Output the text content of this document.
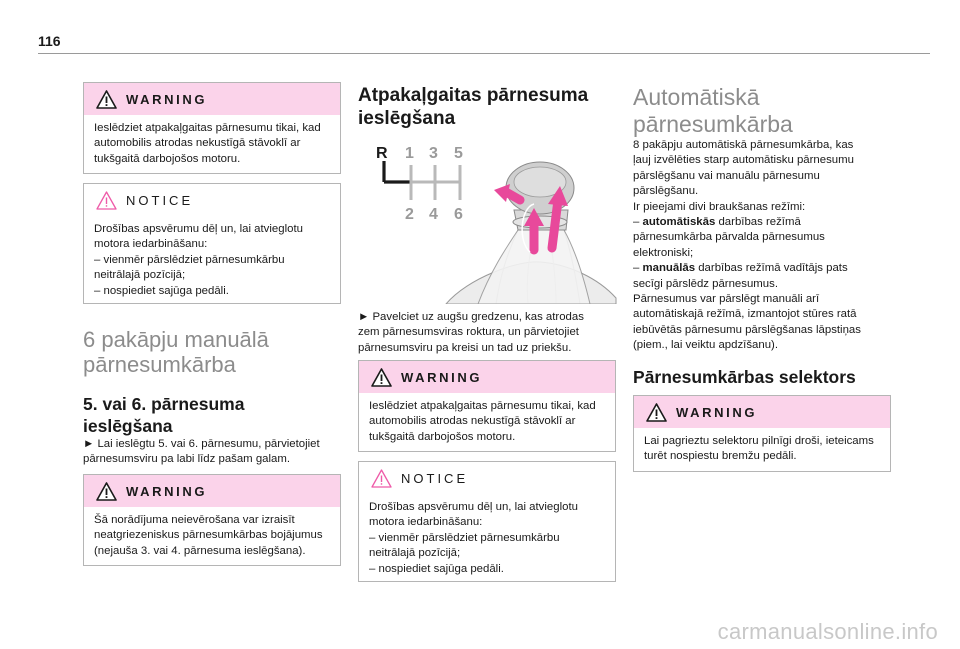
116
WARNING
Ieslēdziet atpakaļgaitas pārnesumu tikai, kad
automobilis atrodas nekustīgā stāvoklī ar
tukšgaitā darbojošos motoru.
NOTICE
Drošības apsvērumu dēļ un, lai atvieglotu
motora iedarbināšanu:
– vienmēr pārslēdziet pārnesumkārbu
neitrālajā pozīcijā;
– nospiediet sajūga pedāli.
6 pakāpju manuālā
pārnesumkārba
5. vai 6. pārnesuma
ieslēgšana
► Lai ieslēgtu 5. vai 6. pārnesumu, pārvietojiet
pārnesumsviru pa labi līdz pašam galam.
WARNING
Šā norādījuma neievērošana var izraisīt
neatgriezeniskus pārnesumkārbas bojājumus
(nejauša 3. vai 4. pārnesuma ieslēgšana).
Atpakaļgaitas pārnesuma
ieslēgšana
R 1 3 5
2 4 6
► Pavelciet uz augšu gredzenu, kas atrodas
zem pārnesumsviras roktura, un pārvietojiet
pārnesumsviru pa kreisi un tad uz priekšu.
WARNING
Ieslēdziet atpakaļgaitas pārnesumu tikai, kad
automobilis atrodas nekustīgā stāvoklī ar
tukšgaitā darbojošos motoru.
NOTICE
Drošības apsvērumu dēļ un, lai atvieglotu
motora iedarbināšanu:
– vienmēr pārslēdziet pārnesumkārbu
neitrālajā pozīcijā;
– nospiediet sajūga pedāli.
Automātiskā
pārnesumkārba
8 pakāpju automātiskā pārnesumkārba, kas
ļauj izvēlēties starp automātisku pārnesumu
pārslēgšanu vai manuālu pārnesumu
pārslēgšanu.
Ir pieejami divi braukšanas režīmi:
– automātiskās darbības režīmā
pārnesumkārba pārvalda pārnesumus
elektroniski;
– manuālās darbības režīmā vadītājs pats
secīgi pārslēdz pārnesumus.
Pārnesumus var pārslēgt manuāli arī
automātiskajā režīmā, izmantojot stūres ratā
iebūvētās pārnesumu pārslēgšanas lāpstiņas
(piem., lai veiktu apdzīšanu).
Pārnesumkārbas selektors
WARNING
Lai pagrieztu selektoru pilnīgi droši, ieteicams
turēt nospiestu bremžu pedāli.
carmanualsonline.info
